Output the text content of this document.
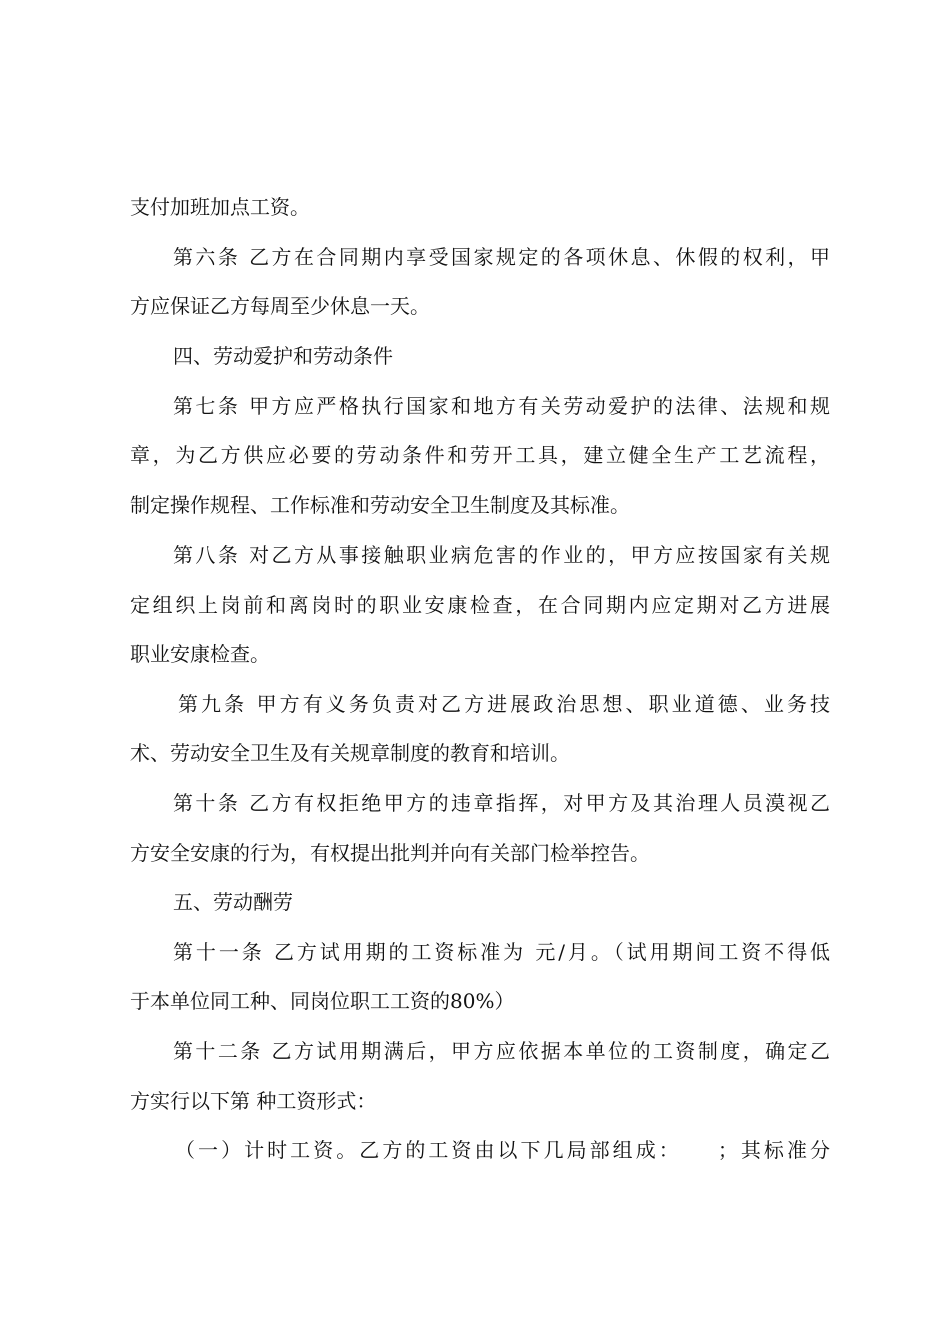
支付加班加点工资。
第六条 乙方在合同期内享受国家规定的各项休息、休假的权利，甲
方应保证乙方每周至少休息一天。
四、劳动爱护和劳动条件
第七条 甲方应严格执行国家和地方有关劳动爱护的法律、法规和规
章，为乙方供应必要的劳动条件和劳开工具，建立健全生产工艺流程，
制定操作规程、工作标准和劳动安全卫生制度及其标准。
第八条 对乙方从事接触职业病危害的作业的，甲方应按国家有关规
定组织上岗前和离岗时的职业安康检查，在合同期内应定期对乙方进展
职业安康检查。
第九条 甲方有义务负责对乙方进展政治思想、职业道德、业务技
术、劳动安全卫生及有关规章制度的教育和培训。
第十条 乙方有权拒绝甲方的违章指挥，对甲方及其治理人员漠视乙
方安全安康的行为，有权提出批判并向有关部门检举控告。
五、劳动酬劳
第十一条 乙方试用期的工资标准为 元/月。（试用期间工资不得低
于本单位同工种、同岗位职工工资的80%）
第十二条 乙方试用期满后，甲方应依据本单位的工资制度，确定乙
方实行以下第 种工资形式：
（一）计时工资。乙方的工资由以下几局部组成：　　；其标准分
